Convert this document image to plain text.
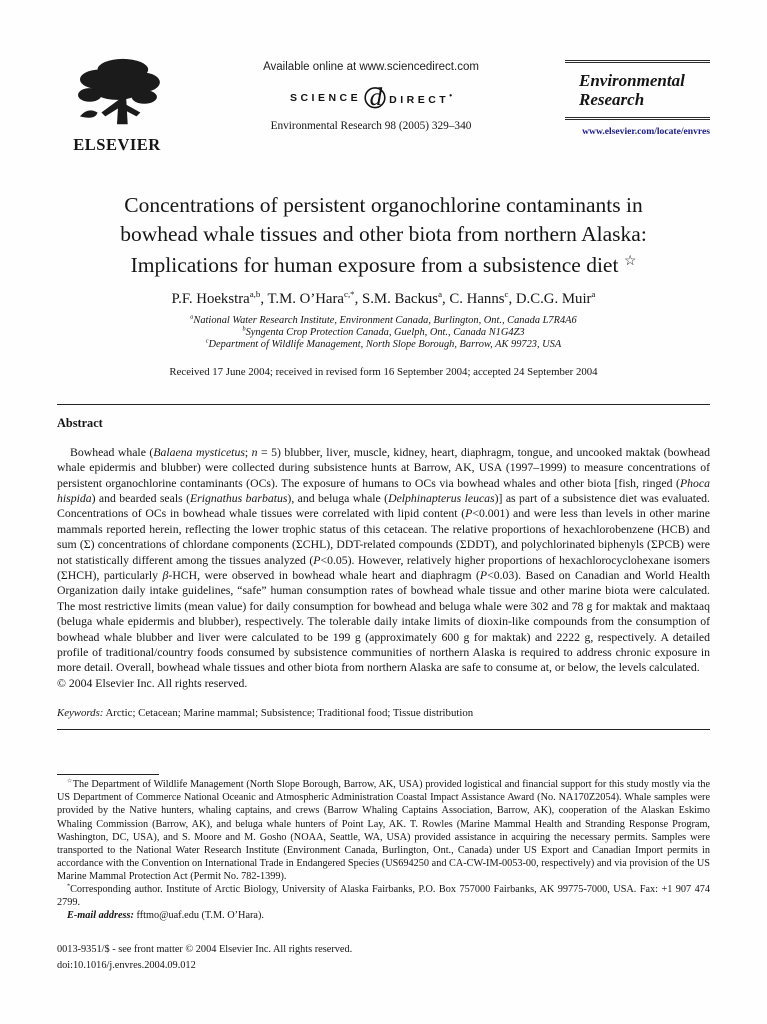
ELSEVIER
Available online at www.sciencedirect.com
SCIENCE d DIRECT•
Environmental Research 98 (2005) 329–340
Environmental
Research
www.elsevier.com/locate/envres
Concentrations of persistent organochlorine contaminants in
bowhead whale tissues and other biota from northern Alaska:
Implications for human exposure from a subsistence diet ☆
P.F. Hoekstra$^{a,b}$, T.M. O’Hara$^{c,*}$, S.M. Backus$^a$, C. Hanns$^c$, D.C.G. Muir$^a$
$^a$National Water Research Institute, Environment Canada, Burlington, Ont., Canada L7R4A6
$^b$Syngenta Crop Protection Canada, Guelph, Ont., Canada N1G4Z3
$^c$Department of Wildlife Management, North Slope Borough, Barrow, AK 99723, USA
Received 17 June 2004; received in revised form 16 September 2004; accepted 24 September 2004
Abstract
Bowhead whale (Balaena mysticetus; n = 5) blubber, liver, muscle, kidney, heart, diaphragm, tongue, and uncooked maktak (bowhead whale epidermis and blubber) were collected during subsistence hunts at Barrow, AK, USA (1997–1999) to measure concentrations of persistent organochlorine contaminants (OCs). The exposure of humans to OCs via bowhead whales and other biota [fish, ringed (Phoca hispida) and bearded seals (Erignathus barbatus), and beluga whale (Delphinapterus leucas)] as part of a subsistence diet was evaluated. Concentrations of OCs in bowhead whale tissues were correlated with lipid content (P<0.001) and were less than levels in other marine mammals reported herein, reflecting the lower trophic status of this cetacean. The relative proportions of hexachlorobenzene (HCB) and sum (Σ) concentrations of chlordane components (ΣCHL), DDT-related compounds (ΣDDT), and polychlorinated biphenyls (ΣPCB) were not statistically different among the tissues analyzed (P<0.05). However, relatively higher proportions of hexachlorocyclohexane isomers (ΣHCH), particularly β-HCH, were observed in bowhead whale heart and diaphragm (P<0.03). Based on Canadian and World Health Organization daily intake guidelines, “safe” human consumption rates of bowhead whale tissue and other marine biota were calculated. The most restrictive limits (mean value) for daily consumption for bowhead and beluga whale were 302 and 78 g for maktak and maktaaq (beluga whale epidermis and blubber), respectively. The tolerable daily intake limits of dioxin-like compounds from the consumption of bowhead whale blubber and liver were calculated to be 199 g (approximately 600 g for maktak) and 2222 g, respectively. A detailed profile of traditional/country foods consumed by subsistence communities of northern Alaska is required to address chronic exposure in more detail. Overall, bowhead whale tissues and other biota from northern Alaska are safe to consume at, or below, the levels calculated.
© 2004 Elsevier Inc. All rights reserved.
Keywords: Arctic; Cetacean; Marine mammal; Subsistence; Traditional food; Tissue distribution

☆The Department of Wildlife Management (North Slope Borough, Barrow, AK, USA) provided logistical and financial support for this study mostly via the US Department of Commerce National Oceanic and Atmospheric Administration Coastal Impact Assistance Award (No. NA170Z2054). Whale samples were provided by the Native hunters, whaling captains, and crews (Barrow Whaling Captains Association, Barrow, AK), cooperation of the Alaskan Eskimo Whaling Commission (Barrow, AK), and beluga whale hunters of Point Lay, AK. T. Rowles (Marine Mammal Health and Stranding Response Program, Washington, DC, USA), and S. Moore and M. Gosho (NOAA, Seattle, WA, USA) provided assistance in acquiring the necessary permits. Samples were transported to the National Water Research Institute (Environment Canada, Burlington, Ont., Canada) under US Export and Canadian Import permits in accordance with the Convention on International Trade in Endangered Species (US694250 and CA-CW-IM-0053-00, respectively) and via provision of the US Marine Mammal Protection Act (Permit No. 782-1399).

*Corresponding author. Institute of Arctic Biology, University of Alaska Fairbanks, P.O. Box 757000 Fairbanks, AK 99775-7000, USA. Fax: +1 907 474 2799.

E-mail address: fftmo@uaf.edu (T.M. O’Hara).

0013-9351/$ - see front matter © 2004 Elsevier Inc. All rights reserved.
doi:10.1016/j.envres.2004.09.012
